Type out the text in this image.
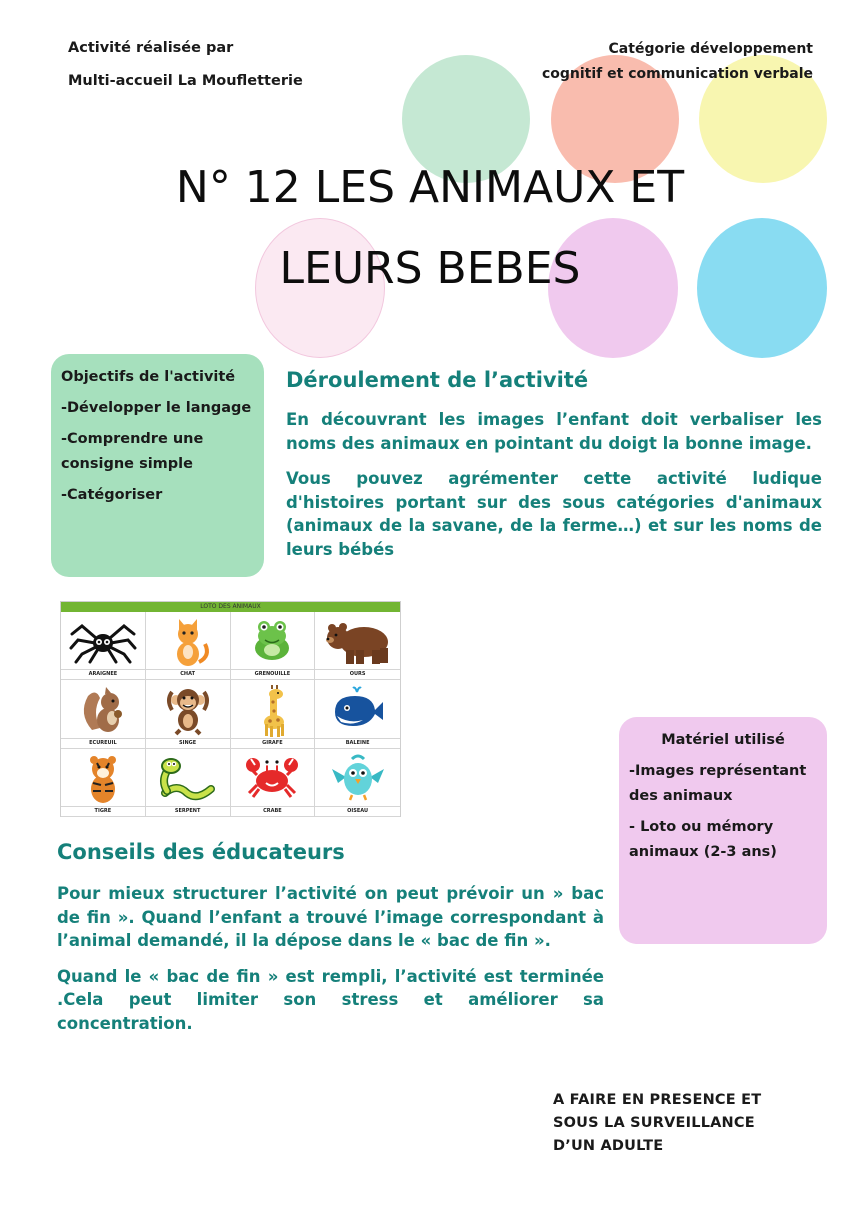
Activité réalisée par
Multi-accueil La Moufletterie
Catégorie développement
cognitif et communication verbale
N° 12 LES ANIMAUX ET
LEURS BEBES
Objectifs de l'activité
-Développer le langage
-Comprendre une consigne simple
-Catégoriser
Déroulement de l’activité

En découvrant les images l’enfant doit verbaliser les noms des animaux en pointant du doigt la bonne image.

Vous pouvez agrémenter cette activité ludique d'histoires portant sur des sous catégories d'animaux (animaux de la savane, de la ferme…) et sur les noms de leurs bébés

LOTO DES ANIMAUX
ARAIGNEE	CHAT	GRENOUILLE	OURS
ECUREUIL	SINGE	GIRAFE	BALEINE
TIGRE	SERPENT	CRABE	OISEAU
Matériel utilisé
-Images représentant des animaux
- Loto ou mémory animaux (2-3 ans)
Conseils des éducateurs

Pour mieux structurer l’activité on peut prévoir un » bac de fin ». Quand l’enfant a trouvé l’image correspondant à l’animal demandé, il la dépose dans le « bac de fin ».

Quand le « bac de fin » est rempli, l’activité est terminée .Cela peut limiter son stress et améliorer sa concentration.

A FAIRE EN PRESENCE ET
SOUS LA SURVEILLANCE
D’UN ADULTE
